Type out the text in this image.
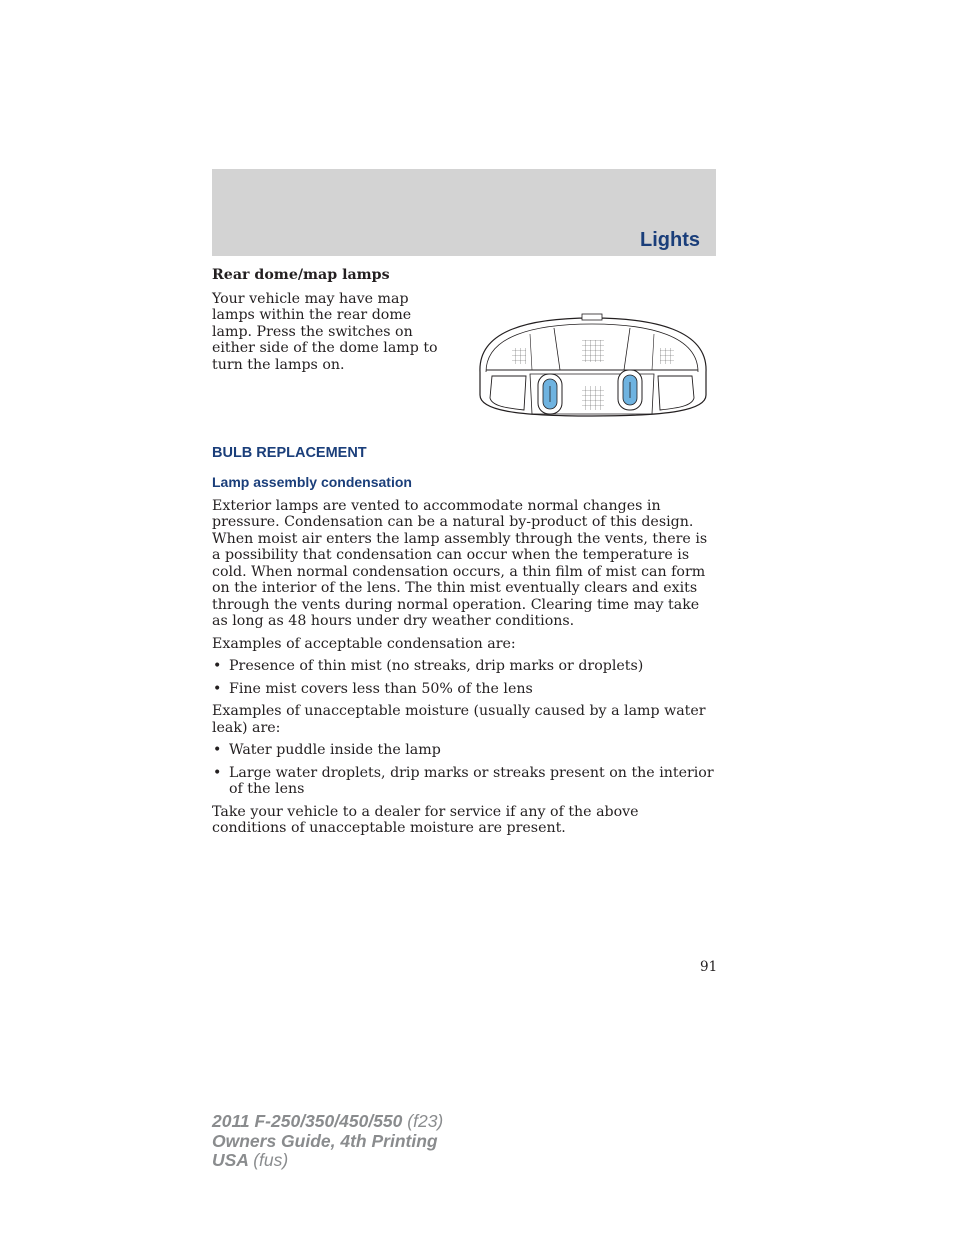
Lights
Rear dome/map lamps

Your vehicle may have map lamps within the rear dome lamp. Press the switches on either side of the dome lamp to turn the lamps on.

BULB REPLACEMENT
Lamp assembly condensation

Exterior lamps are vented to accommodate normal changes in pressure. Condensation can be a natural by-product of this design. When moist air enters the lamp assembly through the vents, there is a possibility that condensation can occur when the temperature is cold. When normal condensation occurs, a thin film of mist can form on the interior of the lens. The thin mist eventually clears and exits through the vents during normal operation. Clearing time may take as long as 48 hours under dry weather conditions.

Examples of acceptable condensation are:

• Presence of thin mist (no streaks, drip marks or droplets)
• Fine mist covers less than 50% of the lens

Examples of unacceptable moisture (usually caused by a lamp water leak) are:

• Water puddle inside the lamp
• Large water droplets, drip marks or streaks present on the interior of the lens

Take your vehicle to a dealer for service if any of the above conditions of unacceptable moisture are present.

91
2011 F-250/350/450/550 (f23)
Owners Guide, 4th Printing
USA (fus)
